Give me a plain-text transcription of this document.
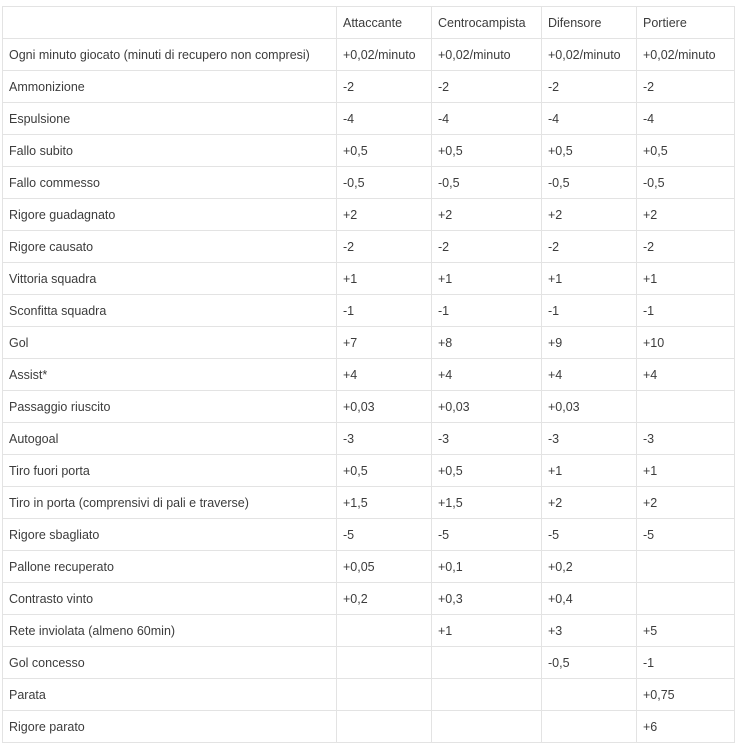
	Attaccante	Centrocampista	Difensore	Portiere
Ogni minuto giocato (minuti di recupero non compresi)	+0,02/minuto	+0,02/minuto	+0,02/minuto	+0,02/minuto
Ammonizione	-2	-2	-2	-2
Espulsione	-4	-4	-4	-4
Fallo subito	+0,5	+0,5	+0,5	+0,5
Fallo commesso	-0,5	-0,5	-0,5	-0,5
Rigore guadagnato	+2	+2	+2	+2
Rigore causato	-2	-2	-2	-2
Vittoria squadra	+1	+1	+1	+1
Sconfitta squadra	-1	-1	-1	-1
Gol	+7	+8	+9	+10
Assist*	+4	+4	+4	+4
Passaggio riuscito	+0,03	+0,03	+0,03	
Autogoal	-3	-3	-3	-3
Tiro fuori porta	+0,5	+0,5	+1	+1
Tiro in porta (comprensivi di pali e traverse)	+1,5	+1,5	+2	+2
Rigore sbagliato	-5	-5	-5	-5
Pallone recuperato	+0,05	+0,1	+0,2	
Contrasto vinto	+0,2	+0,3	+0,4	
Rete inviolata (almeno 60min)		+1	+3	+5
Gol concesso			-0,5	-1
Parata				+0,75
Rigore parato				+6
